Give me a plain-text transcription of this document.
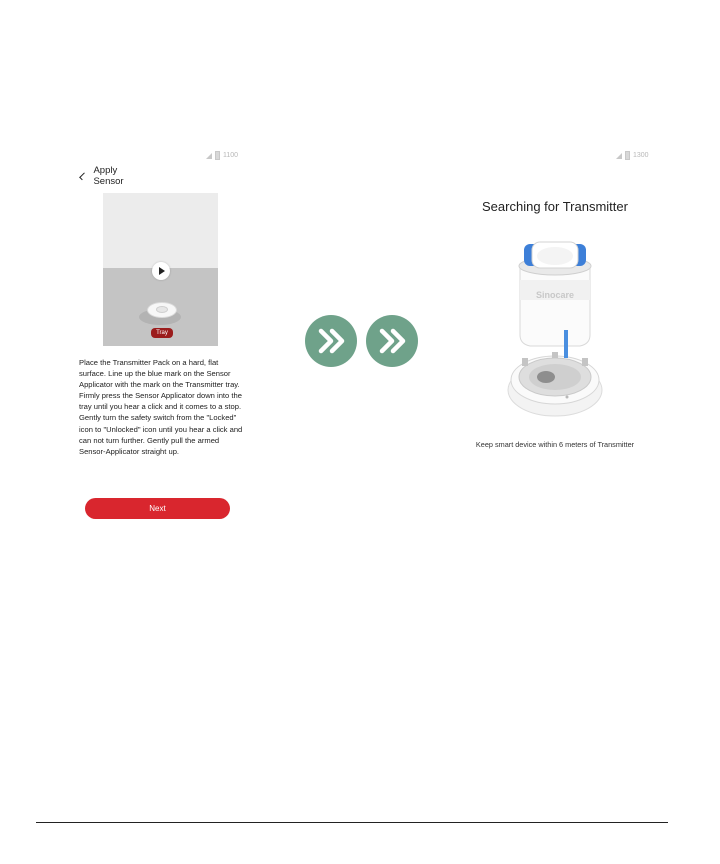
1100
Apply Sensor
Tray

Place the Transmitter Pack on a hard, flat surface. Line up the blue mark on the Sensor Applicator with the mark on the Transmitter tray. Firmly press the Sensor Applicator down into the tray until you hear a click and it comes to a stop.

Gently turn the safety switch from the "Locked" icon to "Unlocked" icon until you hear a click and can not turn further. Gently pull the armed Sensor-Applicator straight up.

Next
1300
Searching for Transmitter
Sinocare
Keep smart device within 6 meters of Transmitter
